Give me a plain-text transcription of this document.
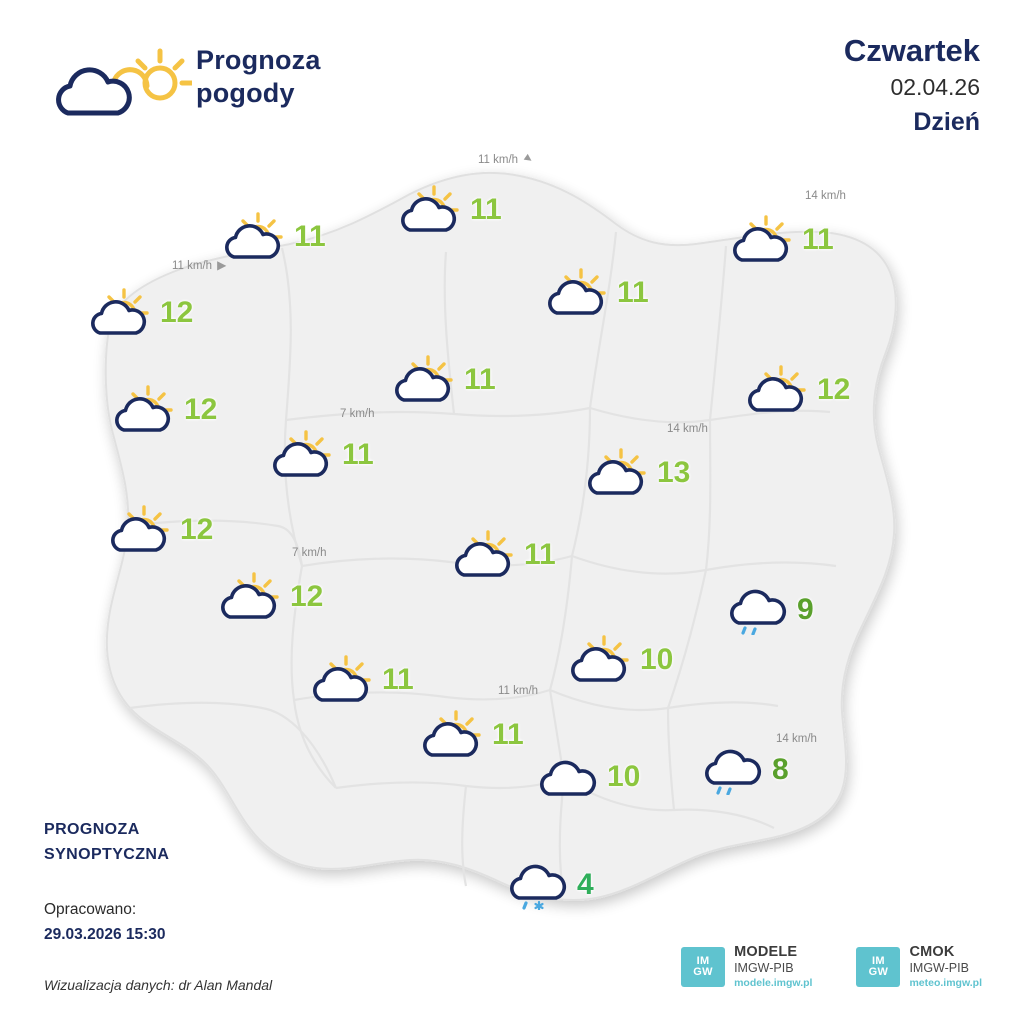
Prognoza
pogody
Czwartek
02.04.26
Dzień
12
11
11
11
11
12
11	12
11
13
12
11
12
10
9
11
11
10	8
4
11 km/h ▲
14 km/h
11 km/h ▶
7 km/h
14 km/h
7 km/h
11 km/h
14 km/h
PROGNOZA
SYNOPTYCZNA
Opracowano:
29.03.2026 15:30
Wizualizacja danych: dr Alan Mandal
IM
GW
MODELE
IMGW-PIB
modele.imgw.pl
IM
GW
CMOK
IMGW-PIB
meteo.imgw.pl
